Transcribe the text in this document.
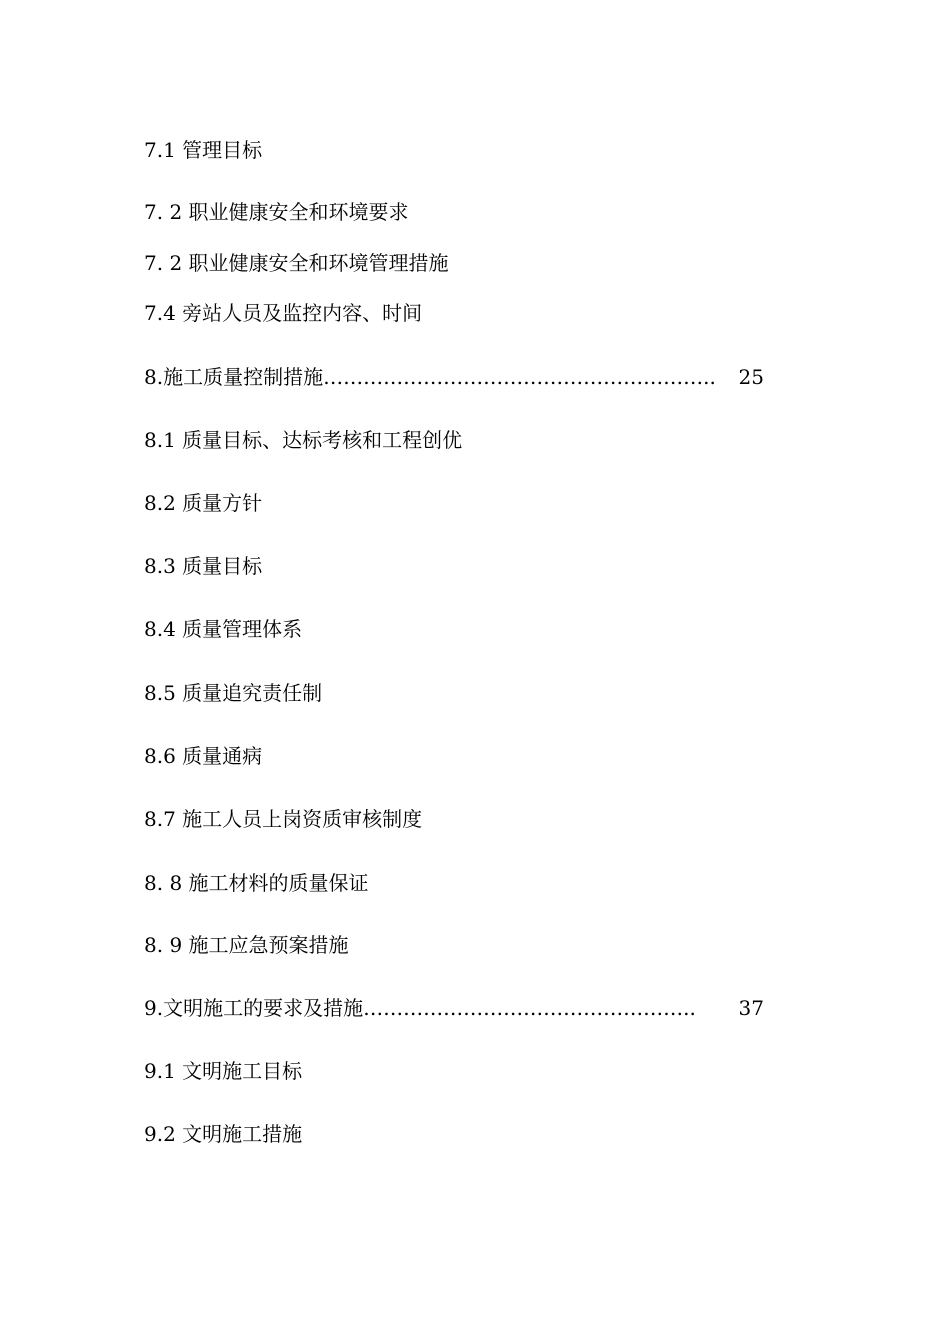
7.1 管理目标
7. 2 职业健康安全和环境要求
7. 2 职业健康安全和环境管理措施
7.4 旁站人员及监控内容、时间
8.施工质量控制措施 …………………………………………………..	25
8.1 质量目标、达标考核和工程创优
8.2 质量方针
8.3 质量目标
8.4 质量管理体系
8.5 质量追究责任制
8.6 质量通病
8.7 施工人员上岗资质审核制度
8. 8 施工材料的质量保证
8. 9 施工应急预案措施
9.文明施工的要求及措施 …………………………………………..	37
9.1 文明施工目标
9.2 文明施工措施
